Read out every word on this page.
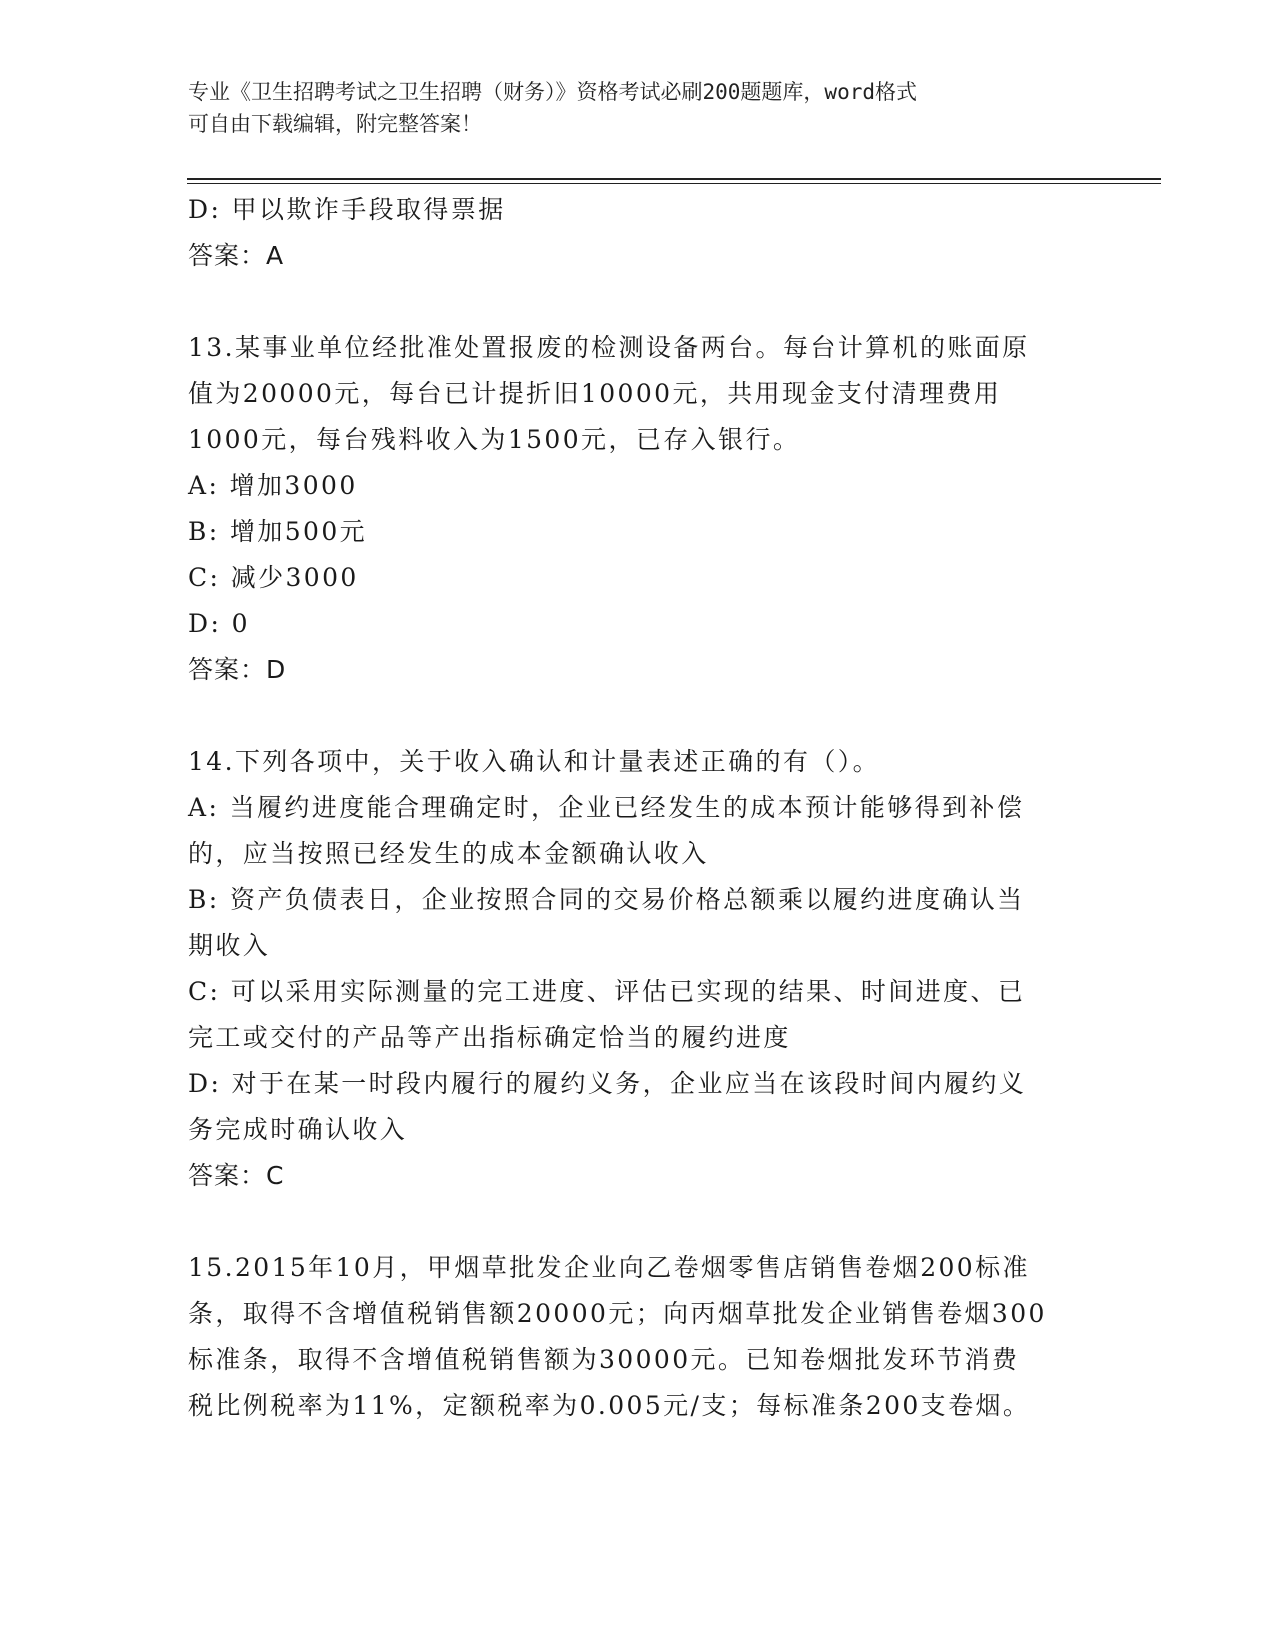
专业《卫生招聘考试之卫生招聘（财务）》资格考试必刷200题题库，word格式
可自由下载编辑，附完整答案！
D: 甲以欺诈手段取得票据
答案：A
13.某事业单位经批准处置报废的检测设备两台。每台计算机的账面原
值为20000元，每台已计提折旧10000元，共用现金支付清理费用
1000元，每台残料收入为1500元，已存入银行。
A: 增加3000
B: 增加500元
C: 减少3000
D: 0
答案：D
14.下列各项中，关于收入确认和计量表述正确的有（）。
A: 当履约进度能合理确定时，企业已经发生的成本预计能够得到补偿
的，应当按照已经发生的成本金额确认收入
B: 资产负债表日，企业按照合同的交易价格总额乘以履约进度确认当
期收入
C: 可以采用实际测量的完工进度、评估已实现的结果、时间进度、已
完工或交付的产品等产出指标确定恰当的履约进度
D: 对于在某一时段内履行的履约义务，企业应当在该段时间内履约义
务完成时确认收入
答案：C
15.2015年10月，甲烟草批发企业向乙卷烟零售店销售卷烟200标准
条，取得不含增值税销售额20000元；向丙烟草批发企业销售卷烟300
标准条，取得不含增值税销售额为30000元。已知卷烟批发环节消费
税比例税率为11%，定额税率为0.005元/支；每标准条200支卷烟。
